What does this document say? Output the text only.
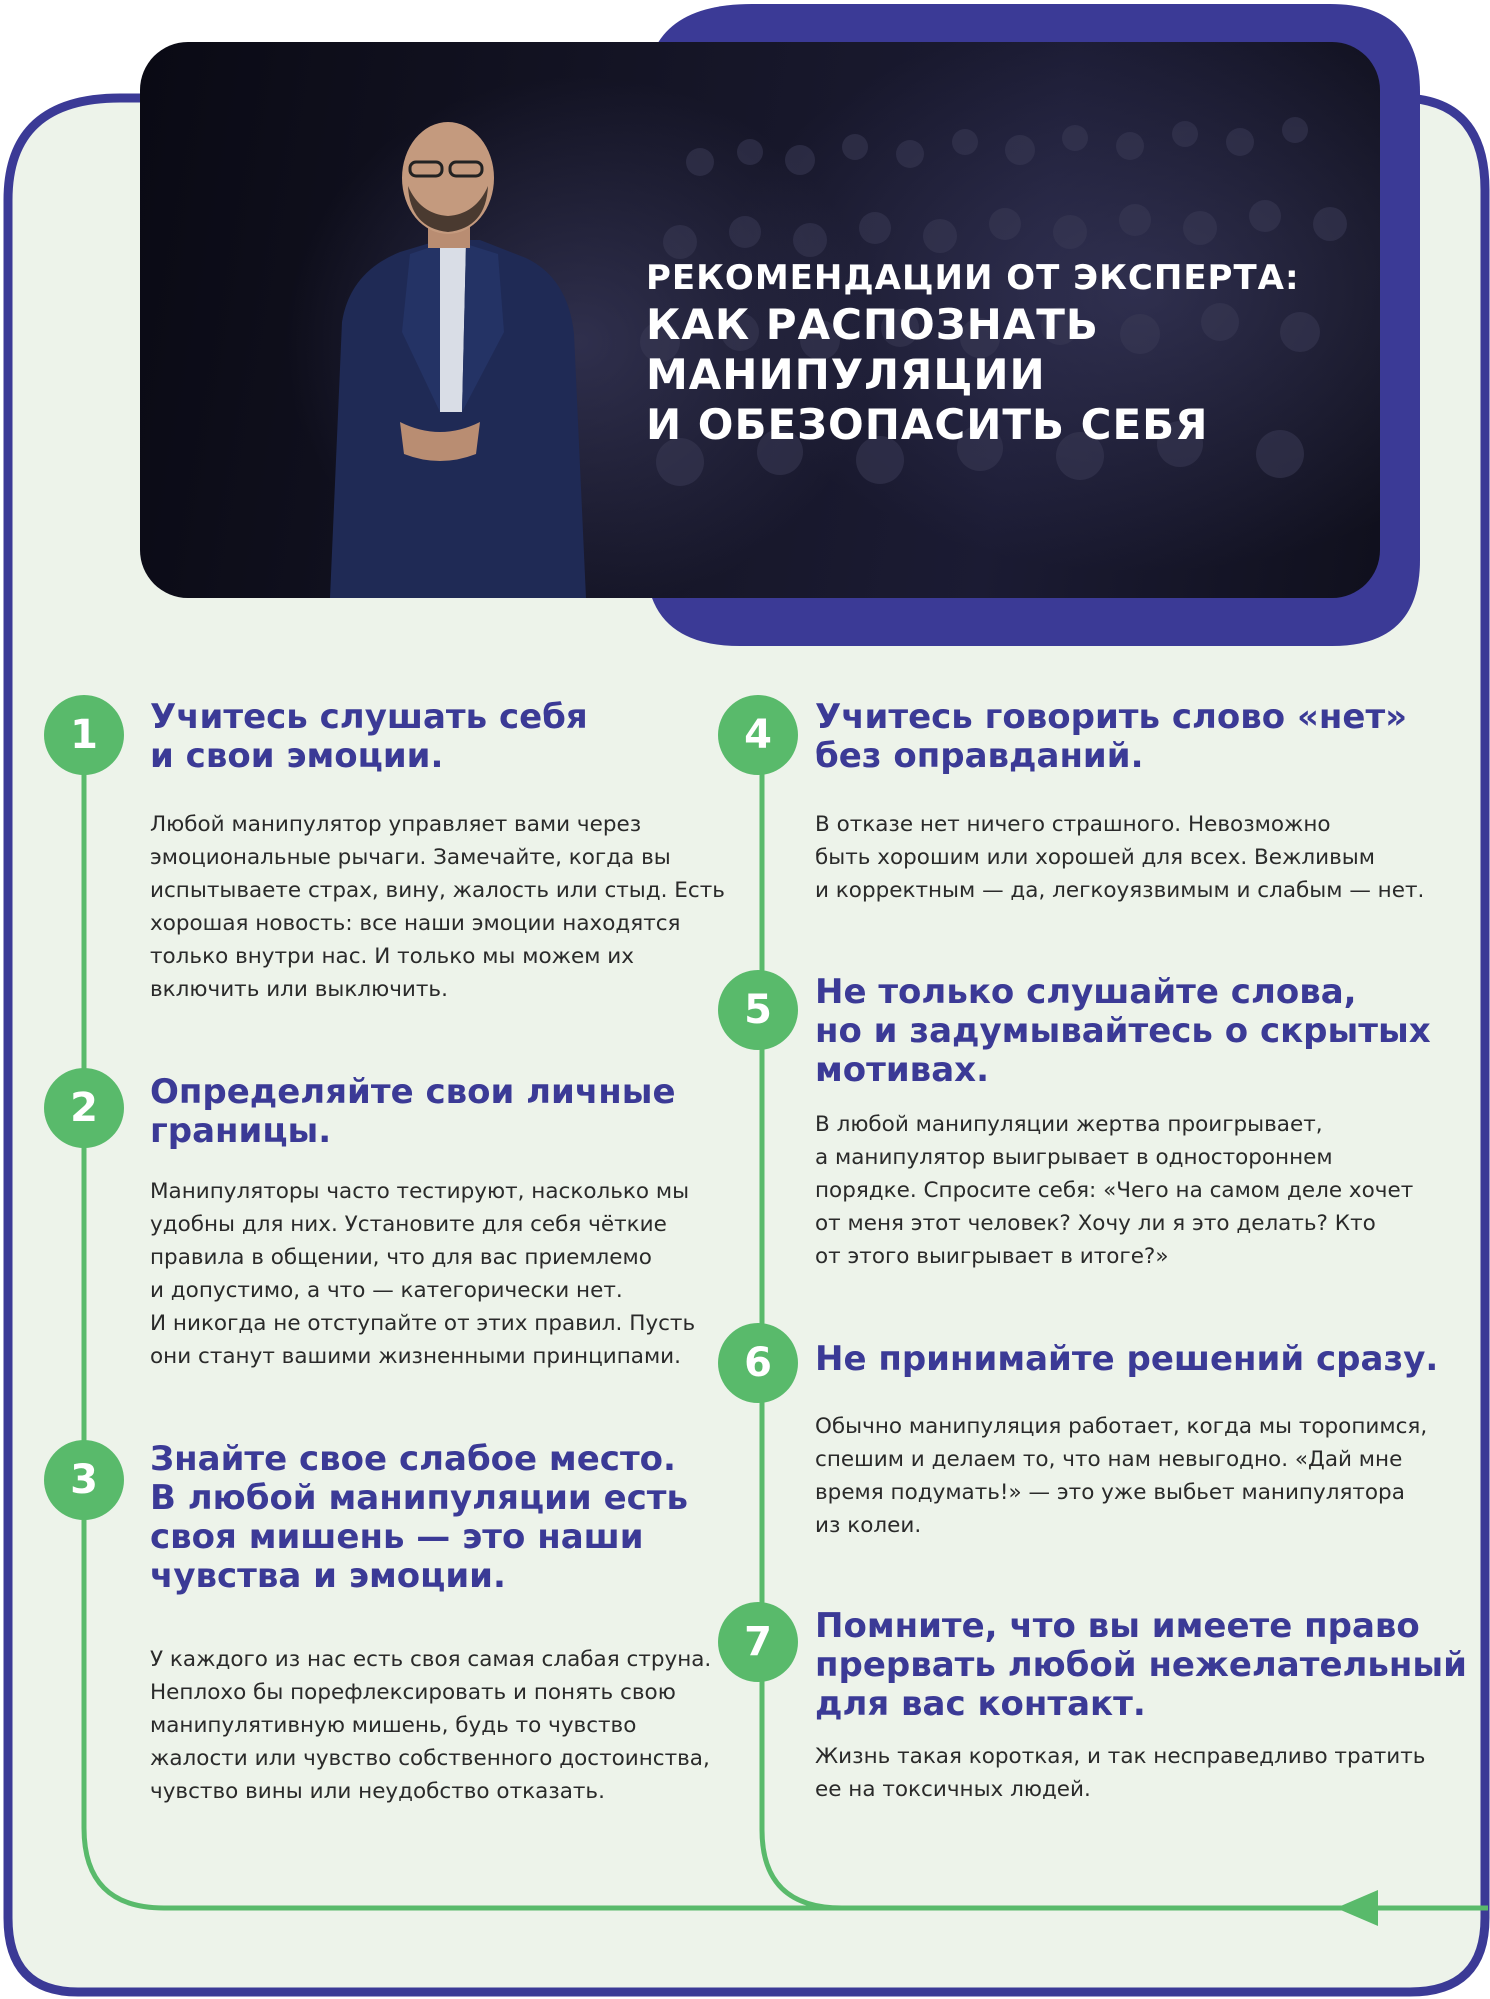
РЕКОМЕНДАЦИИ ОТ ЭКСПЕРТА:
КАК РАСПОЗНАТЬ
МАНИПУЛЯЦИИ
И ОБЕЗОПАСИТЬ СЕБЯ
1	Учитесь слушать себя
и свои эмоции.

Любой манипулятор управляет вами через
эмоциональные рычаги. Замечайте, когда вы
испытываете страх, вину, жалость или стыд. Есть
хорошая новость: все наши эмоции находятся
только внутри нас. И только мы можем их
включить или выключить.

2	Определяйте свои личные
границы.

Манипуляторы часто тестируют, насколько мы
удобны для них. Установите для себя чёткие
правила в общении, что для вас приемлемо
и допустимо, а что — категорически нет.
И никогда не отступайте от этих правил. Пусть
они станут вашими жизненными принципами.

3	Знайте свое слабое место.
В любой манипуляции есть
своя мишень — это наши
чувства и эмоции.

У каждого из нас есть своя самая слабая струна.
Неплохо бы порефлексировать и понять свою
манипулятивную мишень, будь то чувство
жалости или чувство собственного достоинства,
чувство вины или неудобство отказать.

4	Учитесь говорить слово «нет»
без оправданий.

В отказе нет ничего страшного. Невозможно
быть хорошим или хорошей для всех. Вежливым
и корректным — да, легкоуязвимым и слабым — нет.

5	Не только слушайте слова,
но и задумывайтесь о скрытых
мотивах.

В любой манипуляции жертва проигрывает,
а манипулятор выигрывает в одностороннем
порядке. Спросите себя: «Чего на самом деле хочет
от меня этот человек? Хочу ли я это делать? Кто
от этого выигрывает в итоге?»

6	Не принимайте решений сразу.

Обычно манипуляция работает, когда мы торопимся,
спешим и делаем то, что нам невыгодно. «Дай мне
время подумать!» — это уже выбьет манипулятора
из колеи.

7	Помните, что вы имеете право
прервать любой нежелательный
для вас контакт.

Жизнь такая короткая, и так несправедливо тратить
ее на токсичных людей.
